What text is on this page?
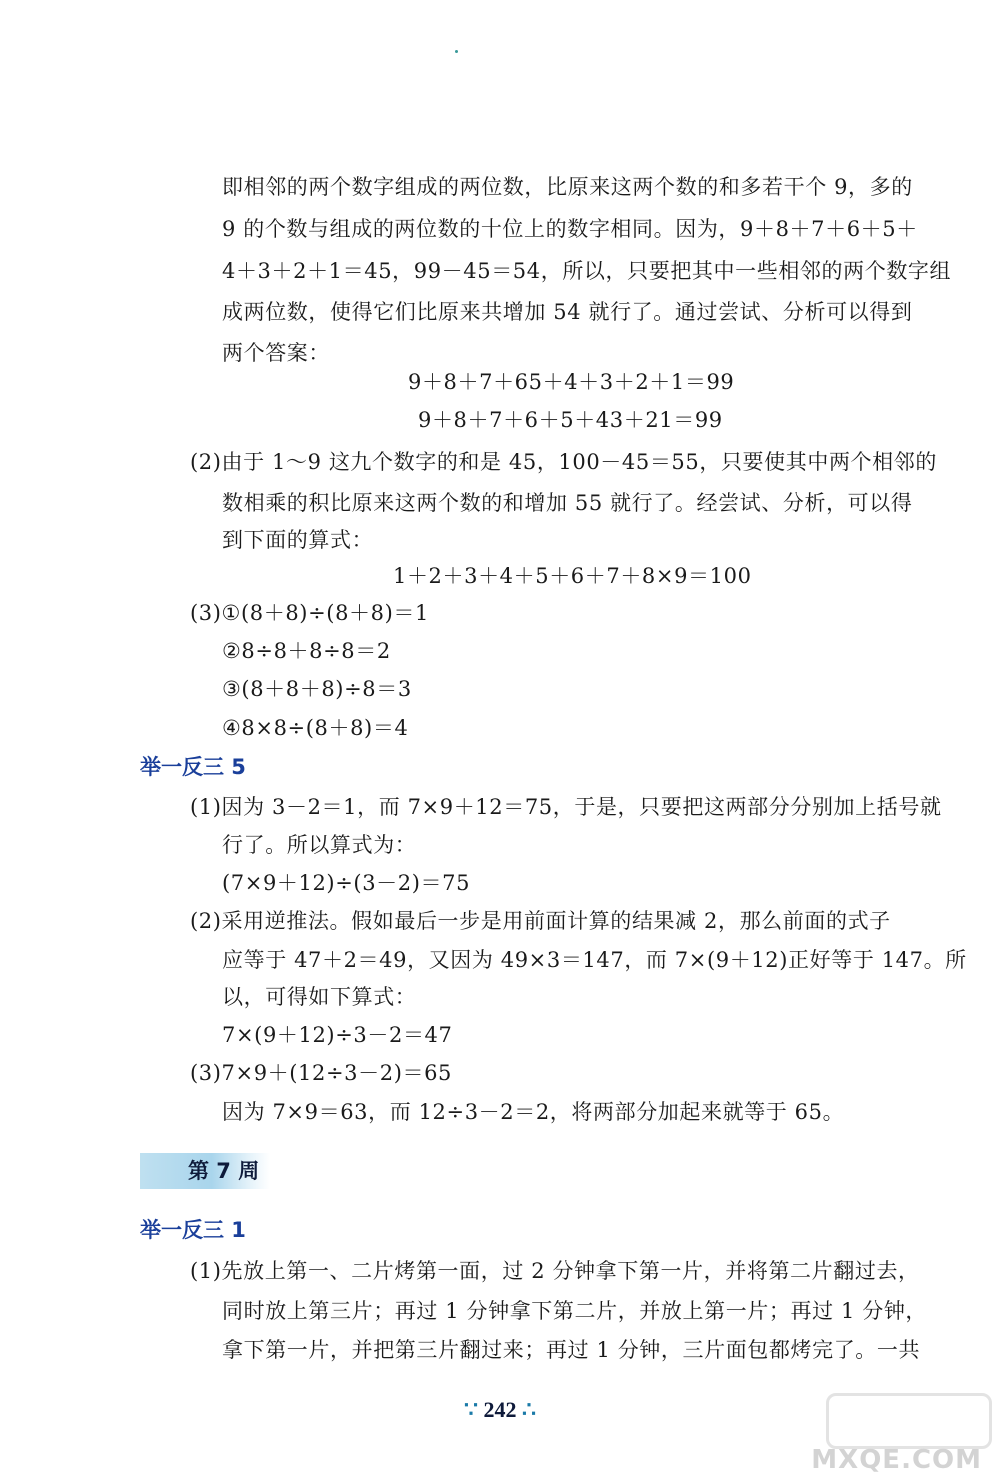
即相邻的两个数字组成的两位数，比原来这两个数的和多若干个 9，多的
9 的个数与组成的两位数的十位上的数字相同。因为，9＋8＋7＋6＋5＋
4＋3＋2＋1＝45，99－45＝54，所以，只要把其中一些相邻的两个数字组
成两位数，使得它们比原来共增加 54 就行了。通过尝试、分析可以得到
两个答案：
9＋8＋7＋65＋4＋3＋2＋1＝99
9＋8＋7＋6＋5＋43＋21＝99
(2)由于 1～9 这九个数字的和是 45，100－45＝55，只要使其中两个相邻的
数相乘的积比原来这两个数的和增加 55 就行了。经尝试、分析，可以得
到下面的算式：
1＋2＋3＋4＋5＋6＋7＋8×9＝100
(3)①(8＋8)÷(8＋8)＝1
②8÷8＋8÷8＝2
③(8＋8＋8)÷8＝3
④8×8÷(8＋8)＝4
举一反三 5
(1)因为 3－2＝1，而 7×9＋12＝75，于是，只要把这两部分分别加上括号就
行了。所以算式为：
(7×9＋12)÷(3－2)＝75
(2)采用逆推法。假如最后一步是用前面计算的结果减 2，那么前面的式子
应等于 47＋2＝49，又因为 49×3＝147，而 7×(9＋12)正好等于 147。所
以，可得如下算式：
7×(9＋12)÷3－2＝47
(3)7×9＋(12÷3－2)＝65
因为 7×9＝63，而 12÷3－2＝2，将两部分加起来就等于 65。
第 7 周
举一反三 1
(1)先放上第一、二片烤第一面，过 2 分钟拿下第一片，并将第二片翻过去，
同时放上第三片；再过 1 分钟拿下第二片，并放上第一片；再过 1 分钟，
拿下第一片，并把第三片翻过来；再过 1 分钟，三片面包都烤完了。一共
∵ 242 ∴
MXQE.COM
